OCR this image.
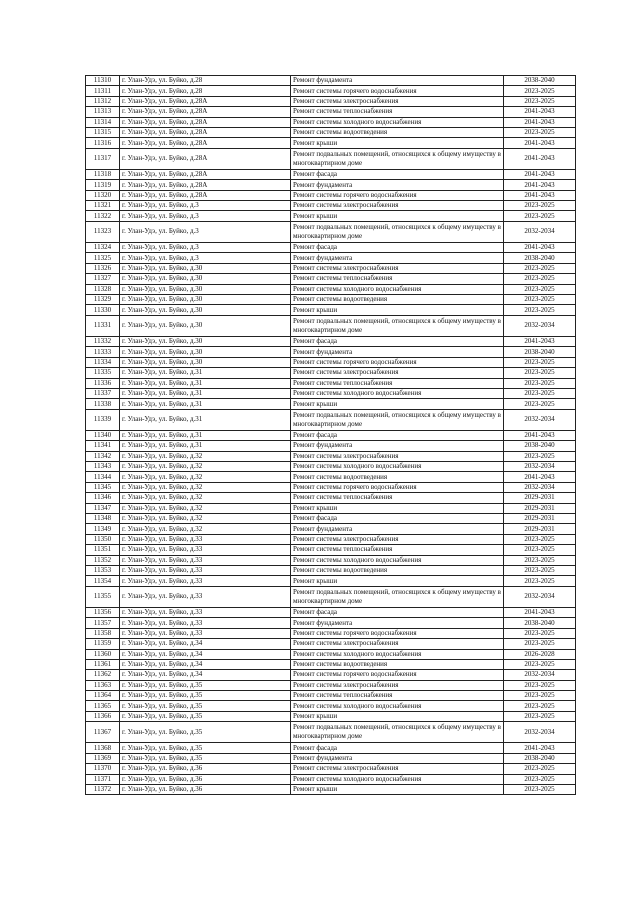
11310	г. Улан-Удэ, ул. Буйко, д.28	Ремонт фундамента	2038-2040
11311	г. Улан-Удэ, ул. Буйко, д.28	Ремонт системы горячего водоснабжения	2023-2025
11312	г. Улан-Удэ, ул. Буйко, д.28А	Ремонт системы электроснабжения	2023-2025
11313	г. Улан-Удэ, ул. Буйко, д.28А	Ремонт системы теплоснабжения	2041-2043
11314	г. Улан-Удэ, ул. Буйко, д.28А	Ремонт системы холодного водоснабжения	2041-2043
11315	г. Улан-Удэ, ул. Буйко, д.28А	Ремонт системы водоотведения	2023-2025
11316	г. Улан-Удэ, ул. Буйко, д.28А	Ремонт крыши	2041-2043
11317	г. Улан-Удэ, ул. Буйко, д.28А	Ремонт подвальных помещений, относящихся к общему имуществу в многоквартирном доме	2041-2043
11318	г. Улан-Удэ, ул. Буйко, д.28А	Ремонт фасада	2041-2043
11319	г. Улан-Удэ, ул. Буйко, д.28А	Ремонт фундамента	2041-2043
11320	г. Улан-Удэ, ул. Буйко, д.28А	Ремонт системы горячего водоснабжения	2041-2043
11321	г. Улан-Удэ, ул. Буйко, д.3	Ремонт системы электроснабжения	2023-2025
11322	г. Улан-Удэ, ул. Буйко, д.3	Ремонт крыши	2023-2025
11323	г. Улан-Удэ, ул. Буйко, д.3	Ремонт подвальных помещений, относящихся к общему имуществу в многоквартирном доме	2032-2034
11324	г. Улан-Удэ, ул. Буйко, д.3	Ремонт фасада	2041-2043
11325	г. Улан-Удэ, ул. Буйко, д.3	Ремонт фундамента	2038-2040
11326	г. Улан-Удэ, ул. Буйко, д.30	Ремонт системы электроснабжения	2023-2025
11327	г. Улан-Удэ, ул. Буйко, д.30	Ремонт системы теплоснабжения	2023-2025
11328	г. Улан-Удэ, ул. Буйко, д.30	Ремонт системы холодного водоснабжения	2023-2025
11329	г. Улан-Удэ, ул. Буйко, д.30	Ремонт системы водоотведения	2023-2025
11330	г. Улан-Удэ, ул. Буйко, д.30	Ремонт крыши	2023-2025
11331	г. Улан-Удэ, ул. Буйко, д.30	Ремонт подвальных помещений, относящихся к общему имуществу в многоквартирном доме	2032-2034
11332	г. Улан-Удэ, ул. Буйко, д.30	Ремонт фасада	2041-2043
11333	г. Улан-Удэ, ул. Буйко, д.30	Ремонт фундамента	2038-2040
11334	г. Улан-Удэ, ул. Буйко, д.30	Ремонт системы горячего водоснабжения	2023-2025
11335	г. Улан-Удэ, ул. Буйко, д.31	Ремонт системы электроснабжения	2023-2025
11336	г. Улан-Удэ, ул. Буйко, д.31	Ремонт системы теплоснабжения	2023-2025
11337	г. Улан-Удэ, ул. Буйко, д.31	Ремонт системы холодного водоснабжения	2023-2025
11338	г. Улан-Удэ, ул. Буйко, д.31	Ремонт крыши	2023-2025
11339	г. Улан-Удэ, ул. Буйко, д.31	Ремонт подвальных помещений, относящихся к общему имуществу в многоквартирном доме	2032-2034
11340	г. Улан-Удэ, ул. Буйко, д.31	Ремонт фасада	2041-2043
11341	г. Улан-Удэ, ул. Буйко, д.31	Ремонт фундамента	2038-2040
11342	г. Улан-Удэ, ул. Буйко, д.32	Ремонт системы электроснабжения	2023-2025
11343	г. Улан-Удэ, ул. Буйко, д.32	Ремонт системы холодного водоснабжения	2032-2034
11344	г. Улан-Удэ, ул. Буйко, д.32	Ремонт системы водоотведения	2041-2043
11345	г. Улан-Удэ, ул. Буйко, д.32	Ремонт системы горячего водоснабжения	2032-2034
11346	г. Улан-Удэ, ул. Буйко, д.32	Ремонт системы теплоснабжения	2029-2031
11347	г. Улан-Удэ, ул. Буйко, д.32	Ремонт крыши	2029-2031
11348	г. Улан-Удэ, ул. Буйко, д.32	Ремонт фасада	2029-2031
11349	г. Улан-Удэ, ул. Буйко, д.32	Ремонт фундамента	2029-2031
11350	г. Улан-Удэ, ул. Буйко, д.33	Ремонт системы электроснабжения	2023-2025
11351	г. Улан-Удэ, ул. Буйко, д.33	Ремонт системы теплоснабжения	2023-2025
11352	г. Улан-Удэ, ул. Буйко, д.33	Ремонт системы холодного водоснабжения	2023-2025
11353	г. Улан-Удэ, ул. Буйко, д.33	Ремонт системы водоотведения	2023-2025
11354	г. Улан-Удэ, ул. Буйко, д.33	Ремонт крыши	2023-2025
11355	г. Улан-Удэ, ул. Буйко, д.33	Ремонт подвальных помещений, относящихся к общему имуществу в многоквартирном доме	2032-2034
11356	г. Улан-Удэ, ул. Буйко, д.33	Ремонт фасада	2041-2043
11357	г. Улан-Удэ, ул. Буйко, д.33	Ремонт фундамента	2038-2040
11358	г. Улан-Удэ, ул. Буйко, д.33	Ремонт системы горячего водоснабжения	2023-2025
11359	г. Улан-Удэ, ул. Буйко, д.34	Ремонт системы электроснабжения	2023-2025
11360	г. Улан-Удэ, ул. Буйко, д.34	Ремонт системы холодного водоснабжения	2026-2028
11361	г. Улан-Удэ, ул. Буйко, д.34	Ремонт системы водоотведения	2023-2025
11362	г. Улан-Удэ, ул. Буйко, д.34	Ремонт системы горячего водоснабжения	2032-2034
11363	г. Улан-Удэ, ул. Буйко, д.35	Ремонт системы электроснабжения	2023-2025
11364	г. Улан-Удэ, ул. Буйко, д.35	Ремонт системы теплоснабжения	2023-2025
11365	г. Улан-Удэ, ул. Буйко, д.35	Ремонт системы холодного водоснабжения	2023-2025
11366	г. Улан-Удэ, ул. Буйко, д.35	Ремонт крыши	2023-2025
11367	г. Улан-Удэ, ул. Буйко, д.35	Ремонт подвальных помещений, относящихся к общему имуществу в многоквартирном доме	2032-2034
11368	г. Улан-Удэ, ул. Буйко, д.35	Ремонт фасада	2041-2043
11369	г. Улан-Удэ, ул. Буйко, д.35	Ремонт фундамента	2038-2040
11370	г. Улан-Удэ, ул. Буйко, д.36	Ремонт системы электроснабжения	2023-2025
11371	г. Улан-Удэ, ул. Буйко, д.36	Ремонт системы холодного водоснабжения	2023-2025
11372	г. Улан-Удэ, ул. Буйко, д.36	Ремонт крыши	2023-2025
